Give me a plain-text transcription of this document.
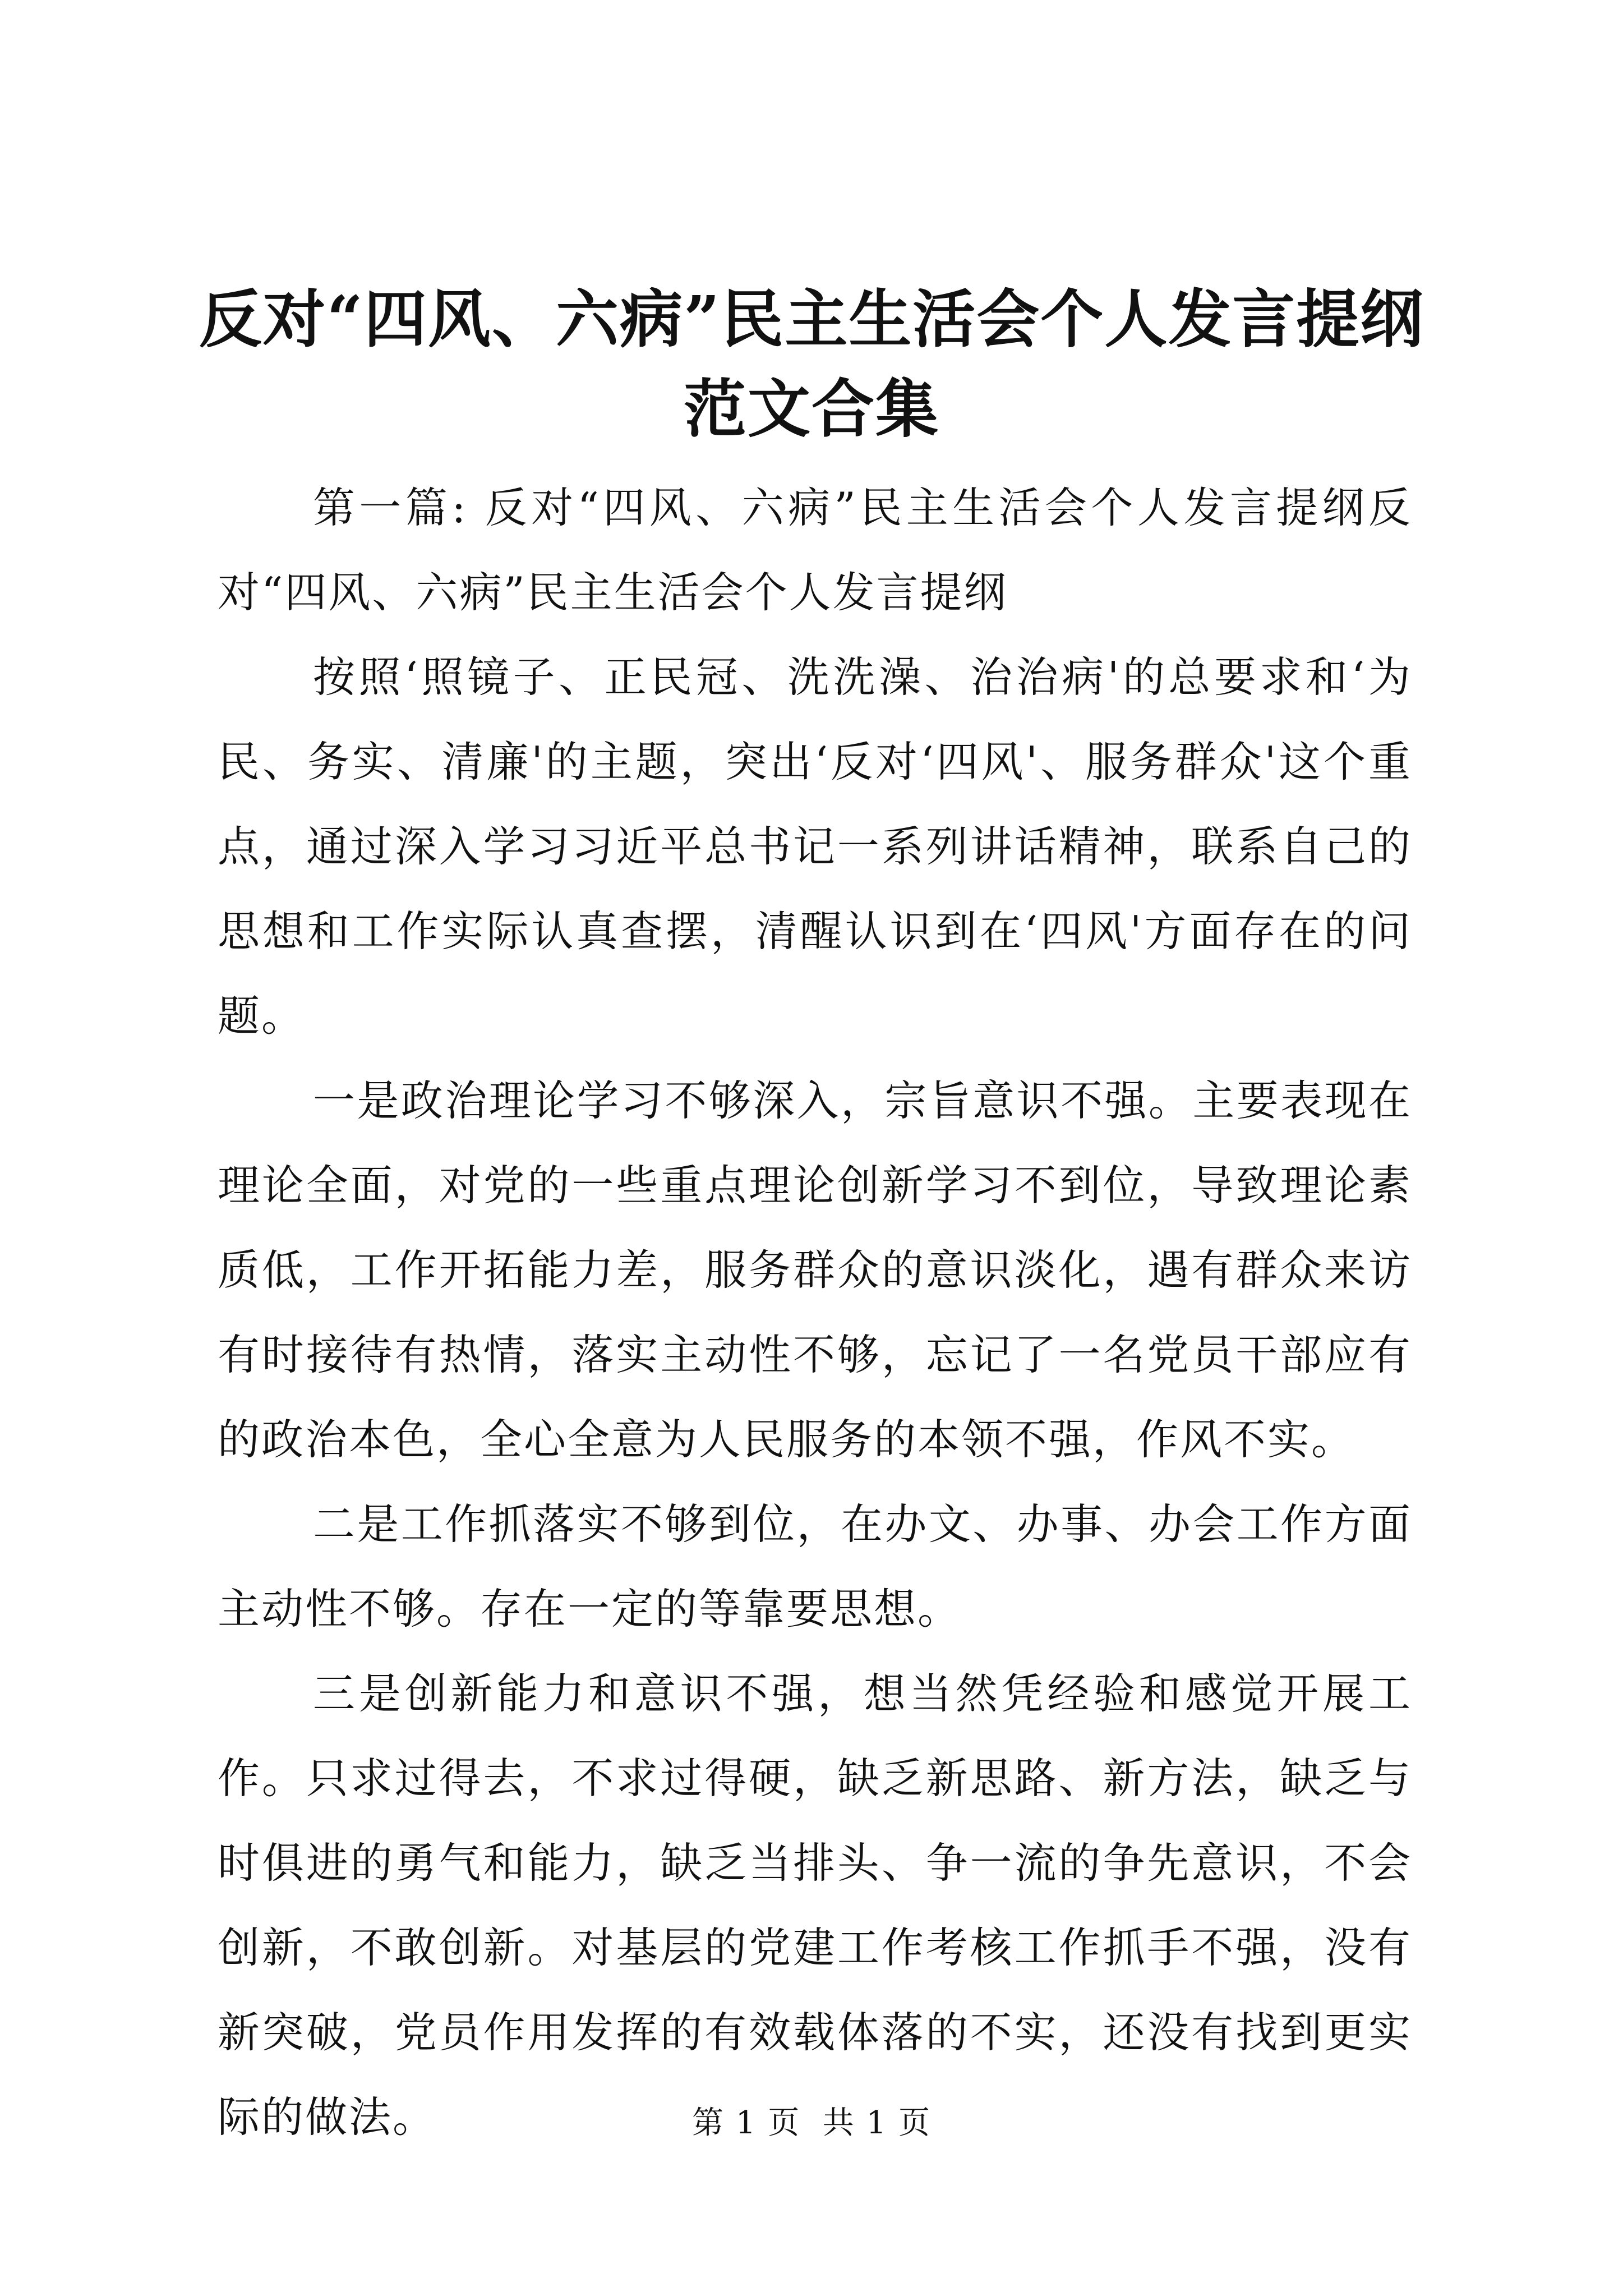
反对“四风、六病”民主生活会个人发言提纲
范文合集

第一篇: 反对“四风、六病”民主生活会个人发言提纲反对“四风、六病”民主生活会个人发言提纲

按照‘照镜子、正民冠、洗洗澡、治治病'的总要求和‘为民、务实、清廉'的主题，突出‘反对‘四风'、服务群众'这个重点，通过深入学习习近平总书记一系列讲话精神，联系自己的思想和工作实际认真查摆，清醒认识到在‘四风'方面存在的问题。

一是政治理论学习不够深入，宗旨意识不强。主要表现在理论全面，对党的一些重点理论创新学习不到位，导致理论素质低，工作开拓能力差，服务群众的意识淡化，遇有群众来访有时接待有热情，落实主动性不够，忘记了一名党员干部应有的政治本色，全心全意为人民服务的本领不强，作风不实。

二是工作抓落实不够到位，在办文、办事、办会工作方面主动性不够。存在一定的等靠要思想。

三是创新能力和意识不强，想当然凭经验和感觉开展工作。只求过得去，不求过得硬，缺乏新思路、新方法，缺乏与时俱进的勇气和能力，缺乏当排头、争一流的争先意识，不会创新，不敢创新。对基层的党建工作考核工作抓手不强，没有新突破，党员作用发挥的有效载体落的不实，还没有找到更实际的做法。	第 1 页  共 1 页
